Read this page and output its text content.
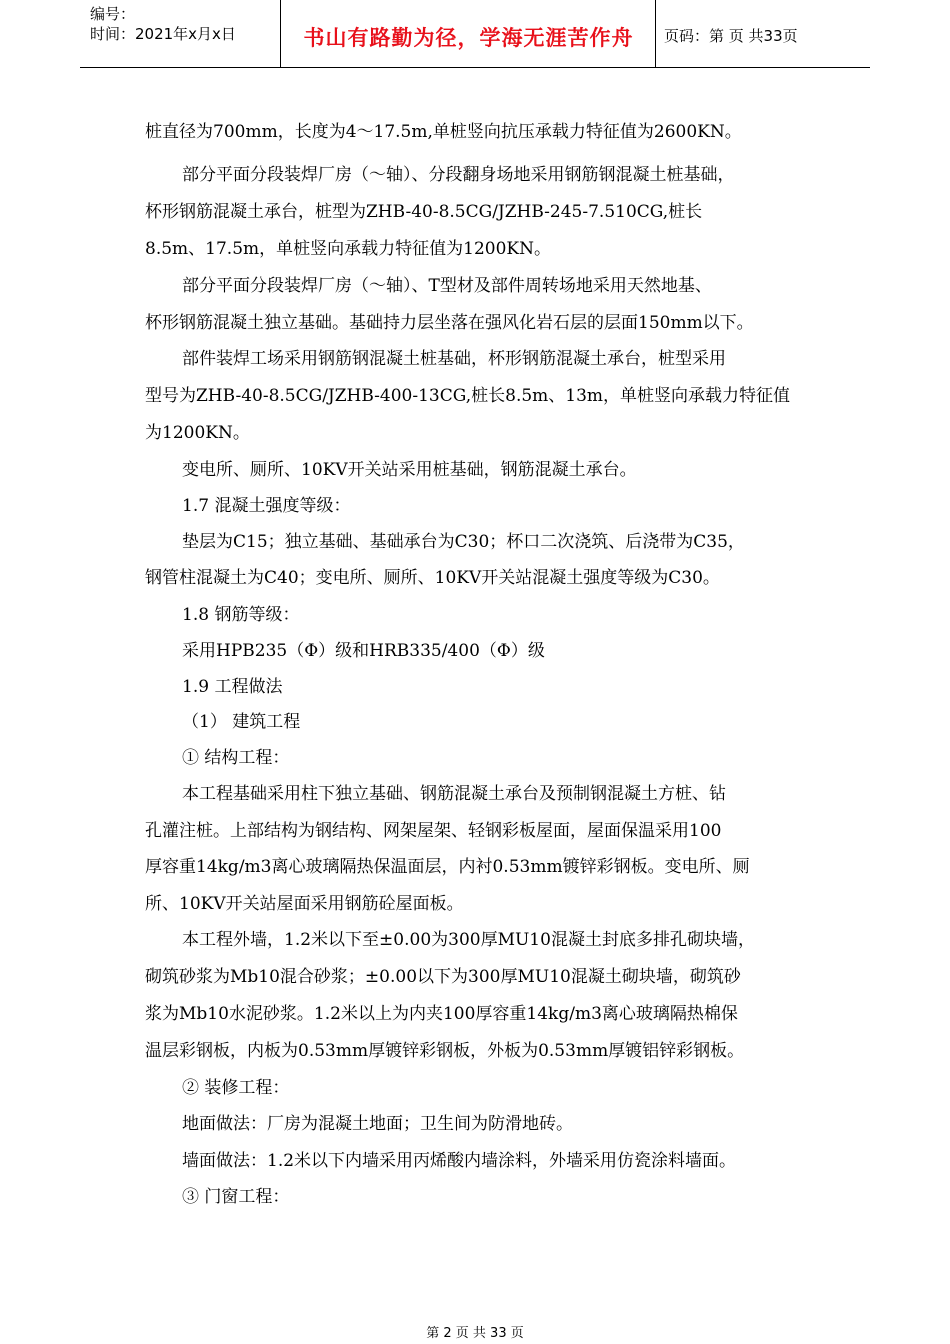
编号：
时间：2021年x月x日	书山有路勤为径，学海无涯苦作舟	页码：第 页 共33页
桩直径为700mm，长度为4～17.5m,单桩竖向抗压承载力特征值为2600KN。
部分平面分段装焊厂房（～轴）、分段翻身场地采用钢筋钢混凝土桩基础，
杯形钢筋混凝土承台，桩型为ZHB-40-8.5CG/JZHB-245-7.510CG,桩长
8.5m、17.5m，单桩竖向承载力特征值为1200KN。
部分平面分段装焊厂房（～轴）、T型材及部件周转场地采用天然地基、
杯形钢筋混凝土独立基础。基础持力层坐落在强风化岩石层的层面150mm以下。
部件装焊工场采用钢筋钢混凝土桩基础，杯形钢筋混凝土承台，桩型采用
型号为ZHB-40-8.5CG/JZHB-400-13CG,桩长8.5m、13m，单桩竖向承载力特征值
为1200KN。
变电所、厕所、10KV开关站采用桩基础，钢筋混凝土承台。
1.7 混凝土强度等级：
垫层为C15；独立基础、基础承台为C30；杯口二次浇筑、后浇带为C35，
钢管柱混凝土为C40；变电所、厕所、10KV开关站混凝土强度等级为C30。
1.8 钢筋等级：
采用HPB235（Φ）级和HRB335/400（Φ）级
1.9 工程做法
（1） 建筑工程
① 结构工程：
本工程基础采用柱下独立基础、钢筋混凝土承台及预制钢混凝土方桩、钻
孔灌注桩。上部结构为钢结构、网架屋架、轻钢彩板屋面，屋面保温采用100
厚容重14kg/m3离心玻璃隔热保温面层，内衬0.53mm镀锌彩钢板。变电所、厕
所、10KV开关站屋面采用钢筋砼屋面板。
本工程外墙，1.2米以下至±0.00为300厚MU10混凝土封底多排孔砌块墙，
砌筑砂浆为Mb10混合砂浆；±0.00以下为300厚MU10混凝土砌块墙，砌筑砂
浆为Mb10水泥砂浆。1.2米以上为内夹100厚容重14kg/m3离心玻璃隔热棉保
温层彩钢板，内板为0.53mm厚镀锌彩钢板，外板为0.53mm厚镀铝锌彩钢板。
② 装修工程：
地面做法：厂房为混凝土地面；卫生间为防滑地砖。
墙面做法：1.2米以下内墙采用丙烯酸内墙涂料，外墙采用仿瓷涂料墙面。
③ 门窗工程：
第 2 页 共 33 页
